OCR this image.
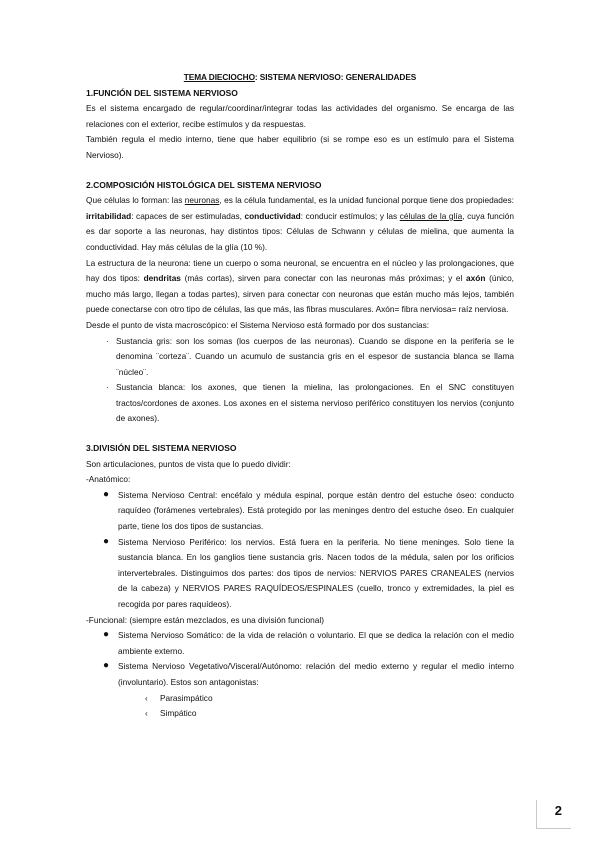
TEMA DIECIOCHO: SISTEMA NERVIOSO: GENERALIDADES
1.FUNCIÓN DEL SISTEMA NERVIOSO

Es el sistema encargado de regular/coordinar/integrar todas las actividades del organismo. Se encarga de las relaciones con el exterior, recibe estímulos y da respuestas.

También regula el medio interno, tiene que haber equilibrio (si se rompe eso es un estímulo para el Sistema Nervioso).

2.COMPOSICIÓN HISTOLÓGICA DEL SISTEMA NERVIOSO

Que células lo forman: las neuronas, es la célula fundamental, es la unidad funcional porque tiene dos propiedades: irritabilidad: capaces de ser estimuladas, conductividad: conducir estímulos; y las células de la glía, cuya función es dar soporte a las neuronas, hay distintos tipos: Células de Schwann y células de mielina, que aumenta la conductividad. Hay más células de la glía (10 %).

La estructura de la neurona: tiene un cuerpo o soma neuronal, se encuentra en el núcleo y las prolongaciones, que hay dos tipos: dendritas (más cortas), sirven para conectar con las neuronas más próximas; y el axón (único, mucho más largo, llegan a todas partes), sirven para conectar con neuronas que están mucho más lejos, también puede conectarse con otro tipo de células, las que más, las fibras musculares. Axón= fibra nerviosa= raíz nerviosa.

Desde el punto de vista macroscópico: el Sistema Nervioso está formado por dos sustancias:

· Sustancia gris: son los somas (los cuerpos de las neuronas). Cuando se dispone en la periferia se le denomina ¨corteza¨. Cuando un acumulo de sustancia gris en el espesor de sustancia blanca se llama ¨núcleo¨.
· Sustancia blanca: los axones, que tienen la mielina, las prolongaciones. En el SNC constituyen tractos/cordones de axones. Los axones en el sistema nervioso periférico constituyen los nervios (conjunto de axones).
3.DIVISIÓN DEL SISTEMA NERVIOSO

Son articulaciones, puntos de vista que lo puedo dividir:

-Anatómico:

● Sistema Nervioso Central: encéfalo y médula espinal, porque están dentro del estuche óseo: conducto raquídeo (forámenes vertebrales). Está protegido por las meninges dentro del estuche óseo. En cualquier parte, tiene los dos tipos de sustancias.
● Sistema Nervioso Periférico: los nervios. Está fuera en la periferia. No tiene meninges. Solo tiene la sustancia blanca. En los ganglios tiene sustancia gris. Nacen todos de la médula, salen por los orificios intervertebrales. Distinguimos dos partes: dos tipos de nervios: NERVIOS PARES CRANEALES (nervios de la cabeza) y NERVIOS PARES RAQUÍDEOS/ESPINALES (cuello, tronco y extremidades, la piel es recogida por pares raquídeos).

-Funcional: (siempre están mezclados, es una división funcional)

● Sistema Nervioso Somático: de la vida de relación o voluntario. El que se dedica la relación con el medio ambiente externo.
● Sistema Nervioso Vegetativo/Visceral/Autónomo: relación del medio externo y regular el medio interno (involuntario). Estos son antagonistas:
‹ Parasimpático
‹ Simpático
2
